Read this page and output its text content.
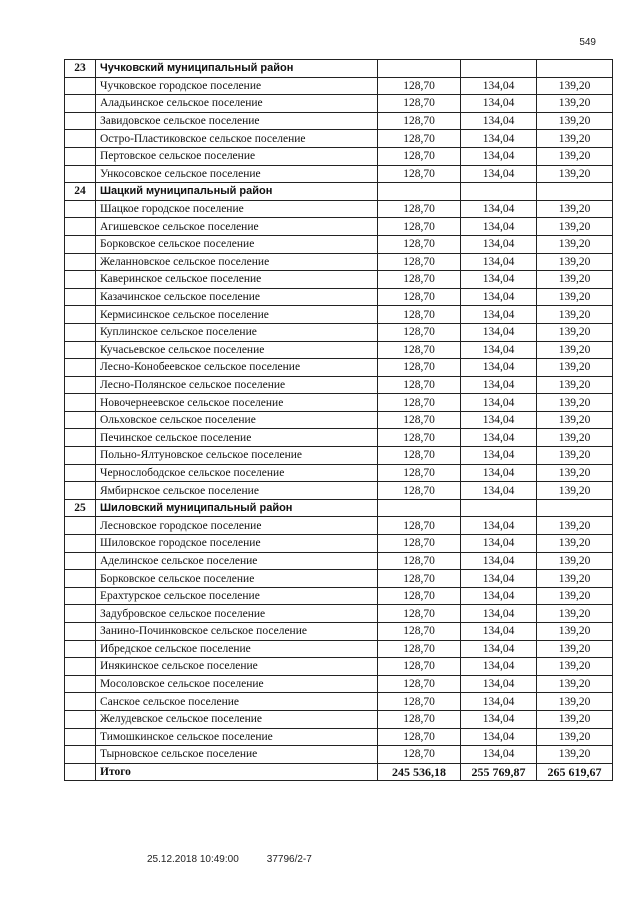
549
23	Чучковский муниципальный район			
	Чучковское городское поселение	128,70	134,04	139,20
	Аладьинское сельское поселение	128,70	134,04	139,20
	Завидовское сельское поселение	128,70	134,04	139,20
	Остро-Пластиковское сельское поселение	128,70	134,04	139,20
	Пертовское сельское поселение	128,70	134,04	139,20
	Ункосовское сельское поселение	128,70	134,04	139,20
24	Шацкий муниципальный район			
	Шацкое городское поселение	128,70	134,04	139,20
	Агишевское сельское поселение	128,70	134,04	139,20
	Борковское сельское поселение	128,70	134,04	139,20
	Желанновское сельское поселение	128,70	134,04	139,20
	Каверинское сельское поселение	128,70	134,04	139,20
	Казачинское сельское поселение	128,70	134,04	139,20
	Кермисинское сельское поселение	128,70	134,04	139,20
	Куплинское сельское поселение	128,70	134,04	139,20
	Кучасьевское сельское поселение	128,70	134,04	139,20
	Лесно-Конобеевское сельское поселение	128,70	134,04	139,20
	Лесно-Полянское сельское поселение	128,70	134,04	139,20
	Новочернеевское сельское поселение	128,70	134,04	139,20
	Ольховское сельское поселение	128,70	134,04	139,20
	Печинское сельское поселение	128,70	134,04	139,20
	Польно-Ялтуновское сельское поселение	128,70	134,04	139,20
	Чернослободское сельское поселение	128,70	134,04	139,20
	Ямбирнское сельское поселение	128,70	134,04	139,20
25	Шиловский муниципальный район			
	Лесновское городское поселение	128,70	134,04	139,20
	Шиловское городское поселение	128,70	134,04	139,20
	Аделинское сельское поселение	128,70	134,04	139,20
	Борковское сельское поселение	128,70	134,04	139,20
	Ерахтурское сельское поселение	128,70	134,04	139,20
	Задубровское сельское поселение	128,70	134,04	139,20
	Занино-Починковское сельское поселение	128,70	134,04	139,20
	Ибредское сельское поселение	128,70	134,04	139,20
	Инякинское сельское поселение	128,70	134,04	139,20
	Мосоловское сельское поселение	128,70	134,04	139,20
	Санское сельское поселение	128,70	134,04	139,20
	Желудевское сельское поселение	128,70	134,04	139,20
	Тимошкинское сельское поселение	128,70	134,04	139,20
	Тырновское сельское поселение	128,70	134,04	139,20
	Итого	245 536,18	255 769,87	265 619,67
25.12.2018 10:49:00	37796/2-7
